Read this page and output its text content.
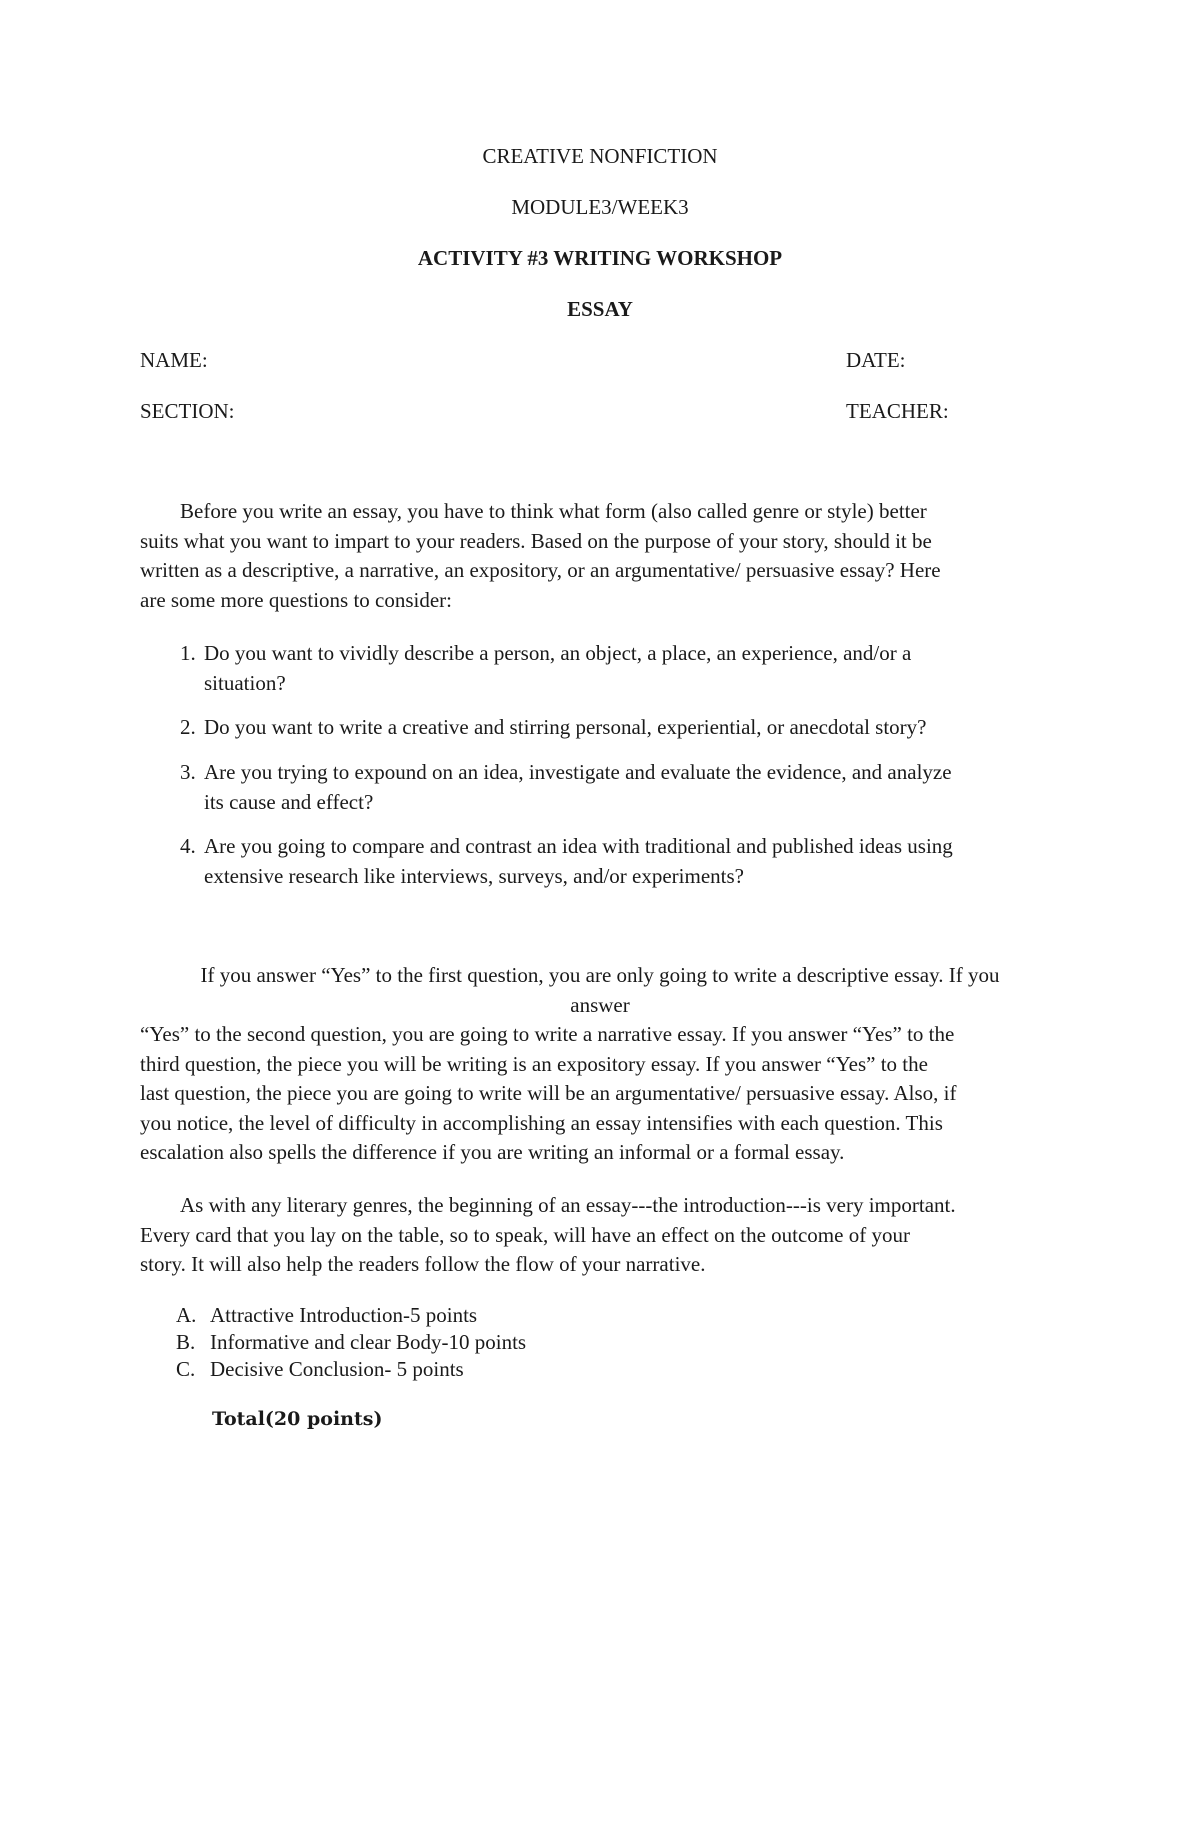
CREATIVE NONFICTION
MODULE3/WEEK3
ACTIVITY #3 WRITING WORKSHOP
ESSAY
NAME:	DATE:
SECTION:	TEACHER:
Before you write an essay, you have to think what form (also called genre or style) better
suits what you want to impart to your readers. Based on the purpose of your story, should it be
written as a descriptive, a narrative, an expository, or an argumentative/ persuasive essay? Here
are some more questions to consider:
1. Do you want to vividly describe a person, an object, a place, an experience, and/or a
situation?
2. Do you want to write a creative and stirring personal, experiential, or anecdotal story?
3. Are you trying to expound on an idea, investigate and evaluate the evidence, and analyze
its cause and effect?
4. Are you going to compare and contrast an idea with traditional and published ideas using
extensive research like interviews, surveys, and/or experiments?
If you answer “Yes” to the first question, you are only going to write a descriptive essay. If you
answer
“Yes” to the second question, you are going to write a narrative essay. If you answer “Yes” to the
third question, the piece you will be writing is an expository essay. If you answer “Yes” to the
last question, the piece you are going to write will be an argumentative/ persuasive essay. Also, if
you notice, the level of difficulty in accomplishing an essay intensifies with each question. This
escalation also spells the difference if you are writing an informal or a formal essay.
As with any literary genres, the beginning of an essay---the introduction---is very important.
Every card that you lay on the table, so to speak, will have an effect on the outcome of your
story. It will also help the readers follow the flow of your narrative.
A. Attractive Introduction-5 points
B. Informative and clear Body-10 points
C. Decisive Conclusion- 5 points
Total(20 points)
